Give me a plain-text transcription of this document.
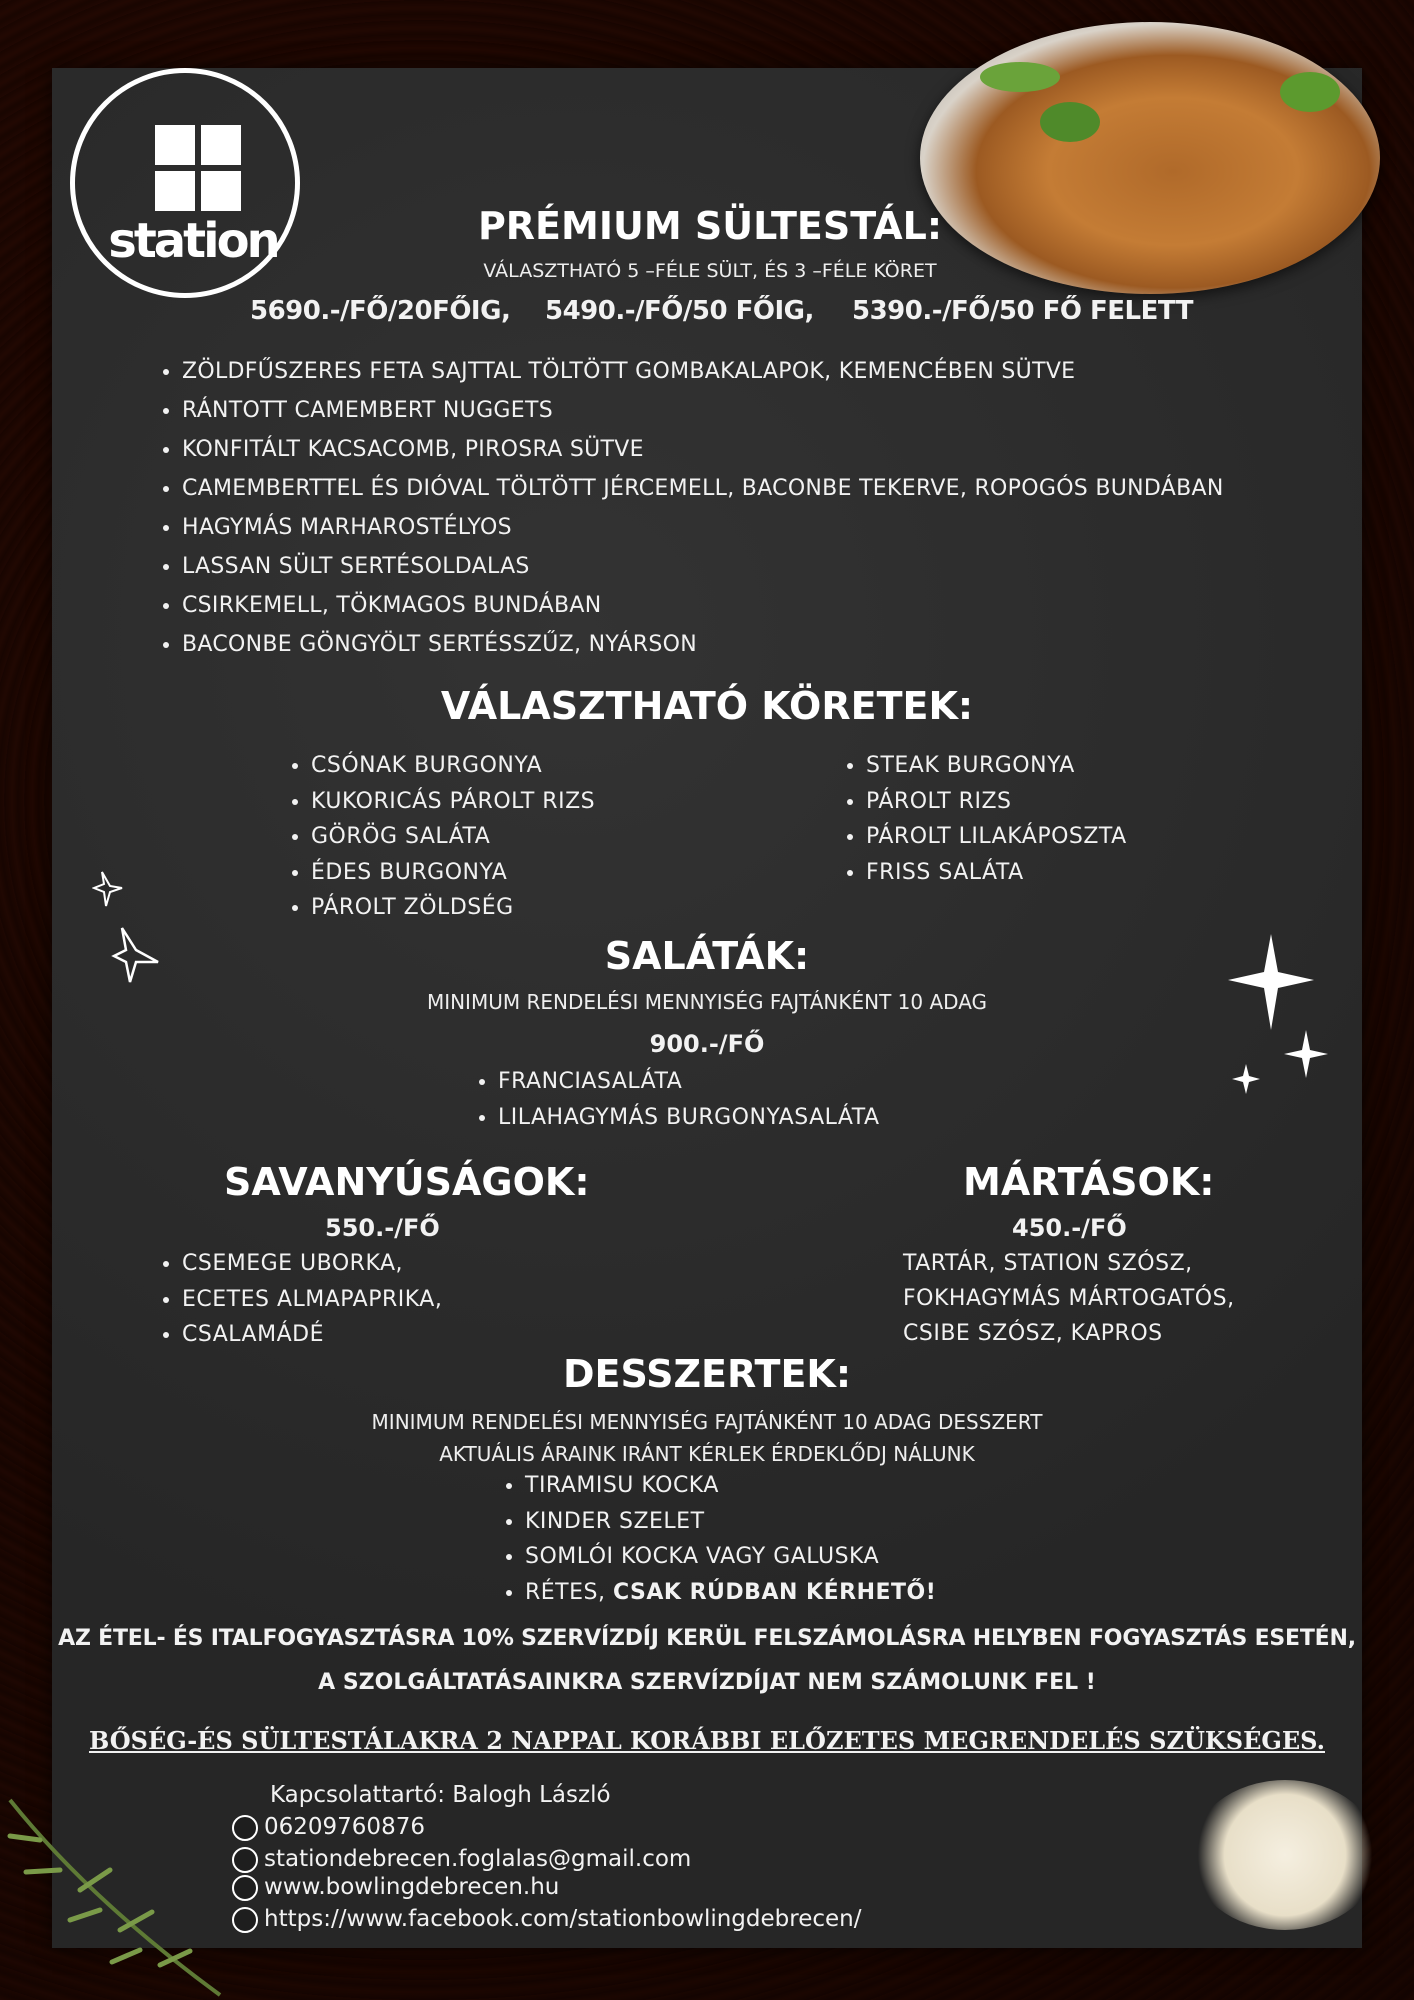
station	PRÉMIUM SÜLTESTÁL:
VÁLASZTHATÓ 5 –FÉLE SÜLT, ÉS 3 –FÉLE KÖRET
5690.-/FŐ/20FŐIG, 5490.-/FŐ/50 FŐIG, 5390.-/FŐ/50 FŐ FELETT
• ZÖLDFŰSZERES FETA SAJTTAL TÖLTÖTT GOMBAKALAPOK, KEMENCÉBEN SÜTVE
• RÁNTOTT CAMEMBERT NUGGETS
• KONFITÁLT KACSACOMB, PIROSRA SÜTVE
• CAMEMBERTTEL ÉS DIÓVAL TÖLTÖTT JÉRCEMELL, BACONBE TEKERVE, ROPOGÓS BUNDÁBAN
• HAGYMÁS MARHAROSTÉLYOS
• LASSAN SÜLT SERTÉSOLDALAS
• CSIRKEMELL, TÖKMAGOS BUNDÁBAN
• BACONBE GÖNGYÖLT SERTÉSSZŰZ, NYÁRSON
VÁLASZTHATÓ KÖRETEK:
• CSÓNAK BURGONYA
• KUKORICÁS PÁROLT RIZS
• GÖRÖG SALÁTA
• ÉDES BURGONYA
• PÁROLT ZÖLDSÉG
• STEAK BURGONYA
• PÁROLT RIZS
• PÁROLT LILAKÁPOSZTA
• FRISS SALÁTA
SALÁTÁK:
MINIMUM RENDELÉSI MENNYISÉG FAJTÁNKÉNT 10 ADAG
900.-/FŐ
• FRANCIASALÁTA
• LILAHAGYMÁS BURGONYASALÁTA
SAVANYÚSÁGOK:
550.-/FŐ
• CSEMEGE UBORKA,
• ECETES ALMAPAPRIKA,
• CSALAMÁDÉ
MÁRTÁSOK:
450.-/FŐ
TARTÁR, STATION SZÓSZ,
FOKHAGYMÁS MÁRTOGATÓS,
CSIBE SZÓSZ, KAPROS
DESSZERTEK:
MINIMUM RENDELÉSI MENNYISÉG FAJTÁNKÉNT 10 ADAG DESSZERT
AKTUÁLIS ÁRAINK IRÁNT KÉRLEK ÉRDEKLŐDJ NÁLUNK
• TIRAMISU KOCKA
• KINDER SZELET
• SOMLÓI KOCKA VAGY GALUSKA
• RÉTES, CSAK RÚDBAN KÉRHETŐ!
AZ ÉTEL- ÉS ITALFOGYASZTÁSRA 10% SZERVÍZDÍJ KERÜL FELSZÁMOLÁSRA HELYBEN FOGYASZTÁS ESETÉN,
A SZOLGÁLTATÁSAINKRA SZERVÍZDÍJAT NEM SZÁMOLUNK FEL !
BŐSÉG-ÉS SÜLTESTÁLAKRA 2 NAPPAL KORÁBBI ELŐZETES MEGRENDELÉS SZÜKSÉGES.
Kapcsolattartó: Balogh László
06209760876
stationdebrecen.foglalas@gmail.com
www.bowlingdebrecen.hu
https://www.facebook.com/stationbowlingdebrecen/
